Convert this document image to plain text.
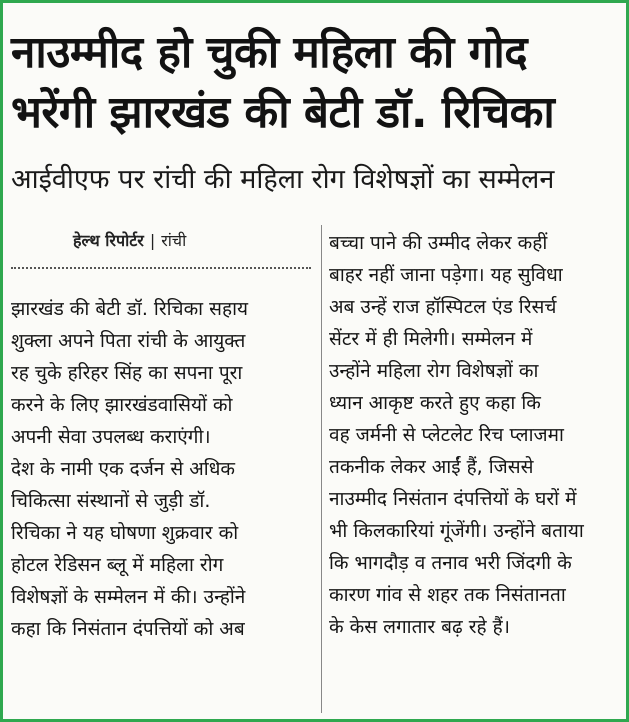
नाउम्मीद हो चुकी महिला की गोद
भरेंगी झारखंड की बेटी डॉ. रिचिका
आईवीएफ पर रांची की महिला रोग विशेषज्ञों का सम्मेलन
हेल्थ रिपोर्टर | रांची
झारखंड की बेटी डॉ. रिचिका सहाय
शुक्ला अपने पिता रांची के आयुक्त
रह चुके हरिहर सिंह का सपना पूरा
करने के लिए झारखंडवासियों को
अपनी सेवा उपलब्ध कराएंगी।
देश के नामी एक दर्जन से अधिक
चिकित्सा संस्थानों से जुड़ी डॉ.
रिचिका ने यह घोषणा शुक्रवार को
होटल रेडिसन ब्लू में महिला रोग
विशेषज्ञों के सम्मेलन में की। उन्होंने
कहा कि निसंतान दंपत्तियों को अब
बच्चा पाने की उम्मीद लेकर कहीं
बाहर नहीं जाना पड़ेगा। यह सुविधा
अब उन्हें राज हॉस्पिटल एंड रिसर्च
सेंटर में ही मिलेगी। सम्मेलन में
उन्होंने महिला रोग विशेषज्ञों का
ध्यान आकृष्ट करते हुए कहा कि
वह जर्मनी से प्लेटलेट रिच प्लाजमा
तकनीक लेकर आईं हैं, जिससे
नाउम्मीद निसंतान दंपत्तियों के घरों में
भी किलकारियां गूंजेंगी। उन्होंने बताया
कि भागदौड़ व तनाव भरी जिंदगी के
कारण गांव से शहर तक निसंतानता
के केस लगातार बढ़ रहे हैं।
